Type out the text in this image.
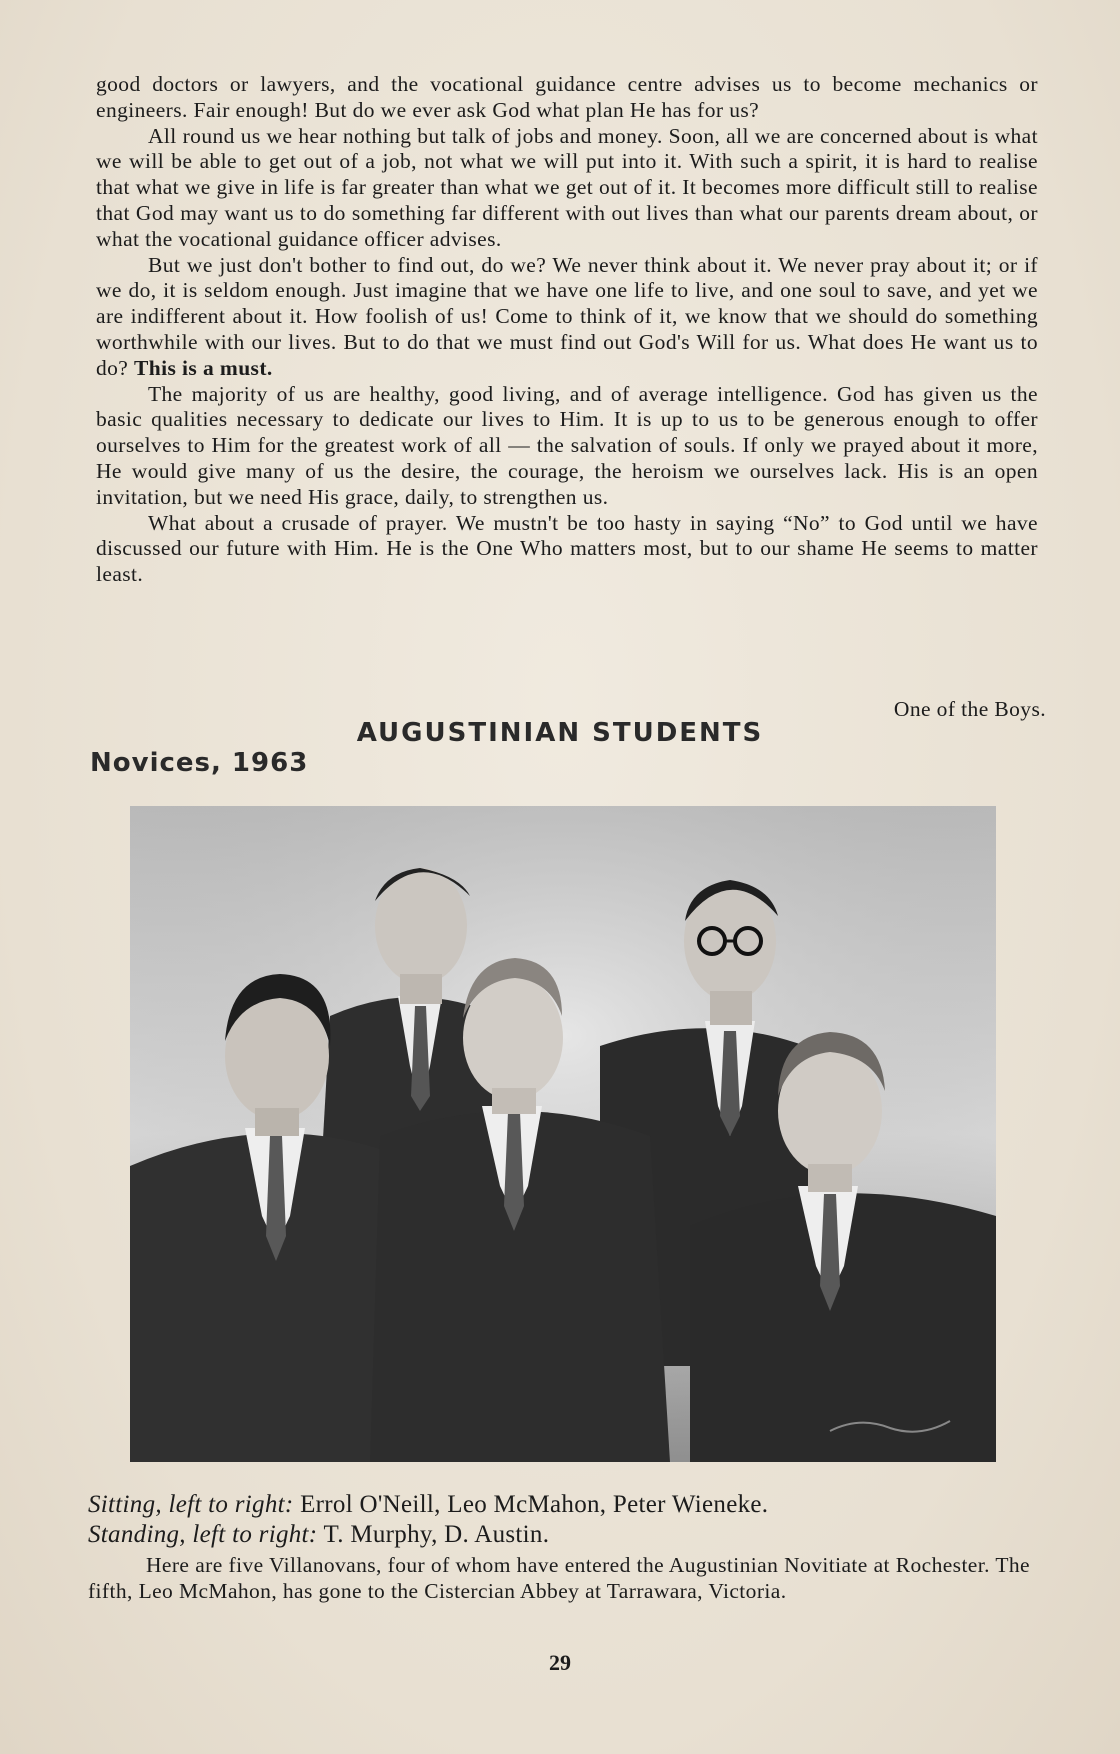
good doctors or lawyers, and the vocational guidance centre advises us to become mechanics or engineers. Fair enough! But do we ever ask God what plan He has for us?

All round us we hear nothing but talk of jobs and money. Soon, all we are concerned about is what we will be able to get out of a job, not what we will put into it. With such a spirit, it is hard to realise that what we give in life is far greater than what we get out of it. It becomes more difficult still to realise that God may want us to do something far different with out lives than what our parents dream about, or what the vocational guidance officer advises.

But we just don't bother to find out, do we? We never think about it. We never pray about it; or if we do, it is seldom enough. Just imagine that we have one life to live, and one soul to save, and yet we are indifferent about it. How foolish of us! Come to think of it, we know that we should do something worthwhile with our lives. But to do that we must find out God's Will for us. What does He want us to do? This is a must.

The majority of us are healthy, good living, and of average intelligence. God has given us the basic qualities necessary to dedicate our lives to Him. It is up to us to be generous enough to offer ourselves to Him for the greatest work of all — the salvation of souls. If only we prayed about it more, He would give many of us the desire, the courage, the heroism we ourselves lack. His is an open invitation, but we need His grace, daily, to strengthen us.

What about a crusade of prayer. We mustn't be too hasty in saying “No” to God until we have discussed our future with Him. He is the One Who matters most, but to our shame He seems to matter least.

One of the Boys.
AUGUSTINIAN STUDENTS
Novices, 1963
Sitting, left to right: Errol O'Neill, Leo McMahon, Peter Wieneke.
Standing, left to right: T. Murphy, D. Austin.

Here are five Villanovans, four of whom have entered the Augustinian Novitiate at Rochester. The fifth, Leo McMahon, has gone to the Cistercian Abbey at Tarrawara, Victoria.

29
